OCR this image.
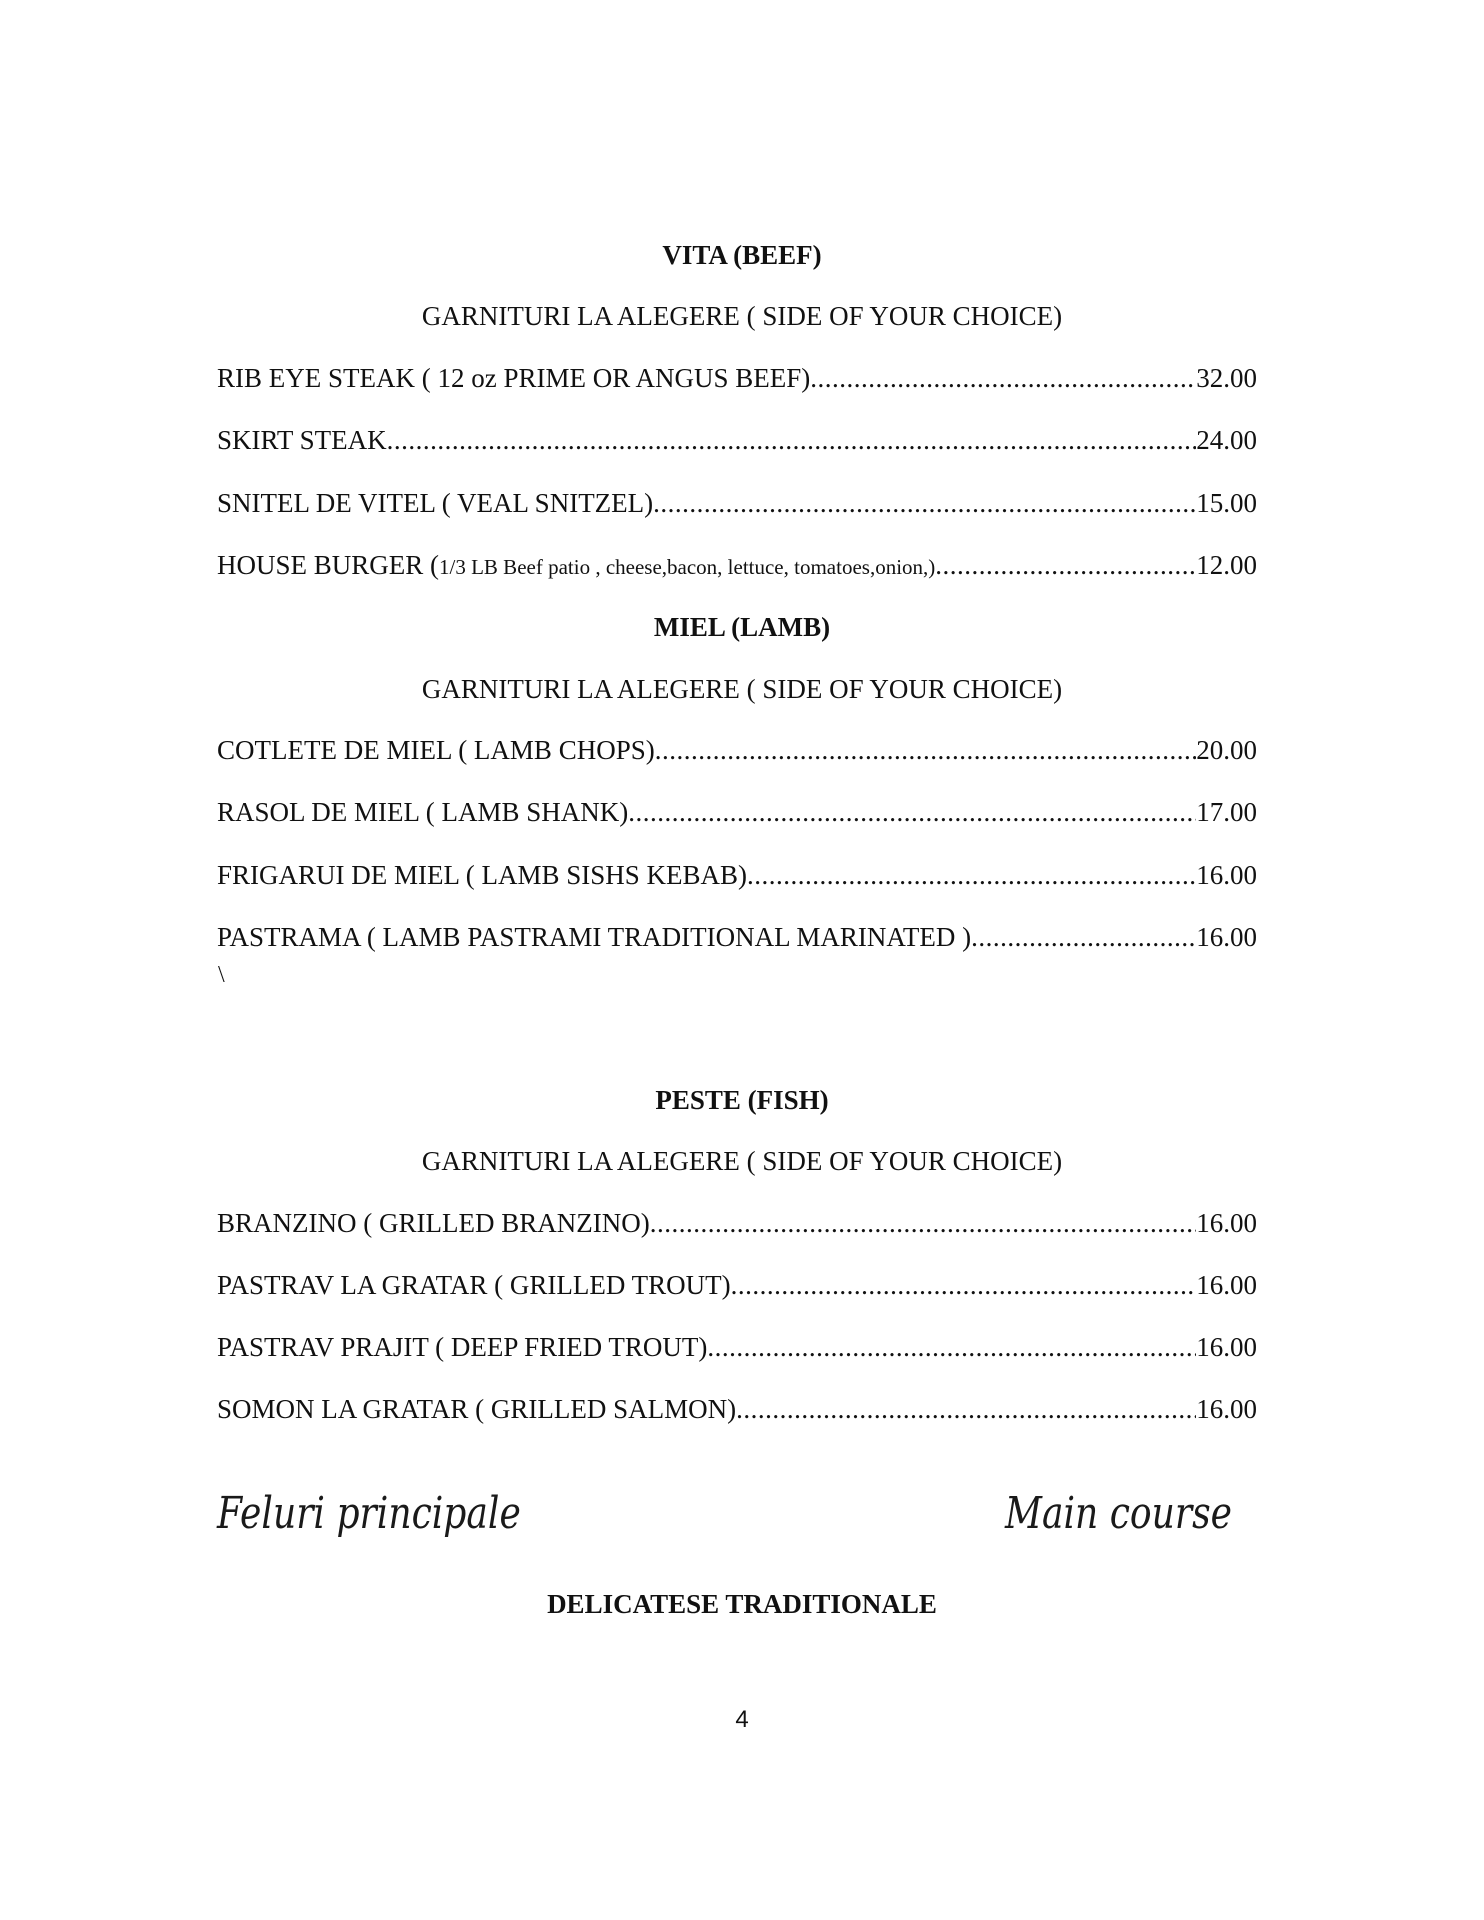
VITA (BEEF)
GARNITURI LA ALEGERE ( SIDE OF YOUR CHOICE)
RIB EYE STEAK ( 12 oz PRIME OR ANGUS BEEF) .....	32.00
SKIRT STEAK .....	24.00
SNITEL DE VITEL ( VEAL SNITZEL) .....	15.00
HOUSE BURGER ( 1/3 LB Beef patio , cheese,bacon, lettuce, tomatoes,onion,) .....	12.00
MIEL (LAMB)
GARNITURI LA ALEGERE ( SIDE OF YOUR CHOICE)
COTLETE DE MIEL ( LAMB CHOPS) .....	20.00
RASOL DE MIEL ( LAMB SHANK) .....	17.00
FRIGARUI DE MIEL ( LAMB SISHS KEBAB) .....	16.00
PASTRAMA ( LAMB PASTRAMI TRADITIONAL MARINATED ) .....	16.00
\
PESTE (FISH)
GARNITURI LA ALEGERE ( SIDE OF YOUR CHOICE)
BRANZINO ( GRILLED BRANZINO) .....	16.00
PASTRAV LA GRATAR ( GRILLED TROUT) .....	16.00
PASTRAV PRAJIT ( DEEP FRIED TROUT) .....	16.00
SOMON LA GRATAR ( GRILLED SALMON) .....	16.00
Feluri principale	Main course
DELICATESE TRADITIONALE
4
